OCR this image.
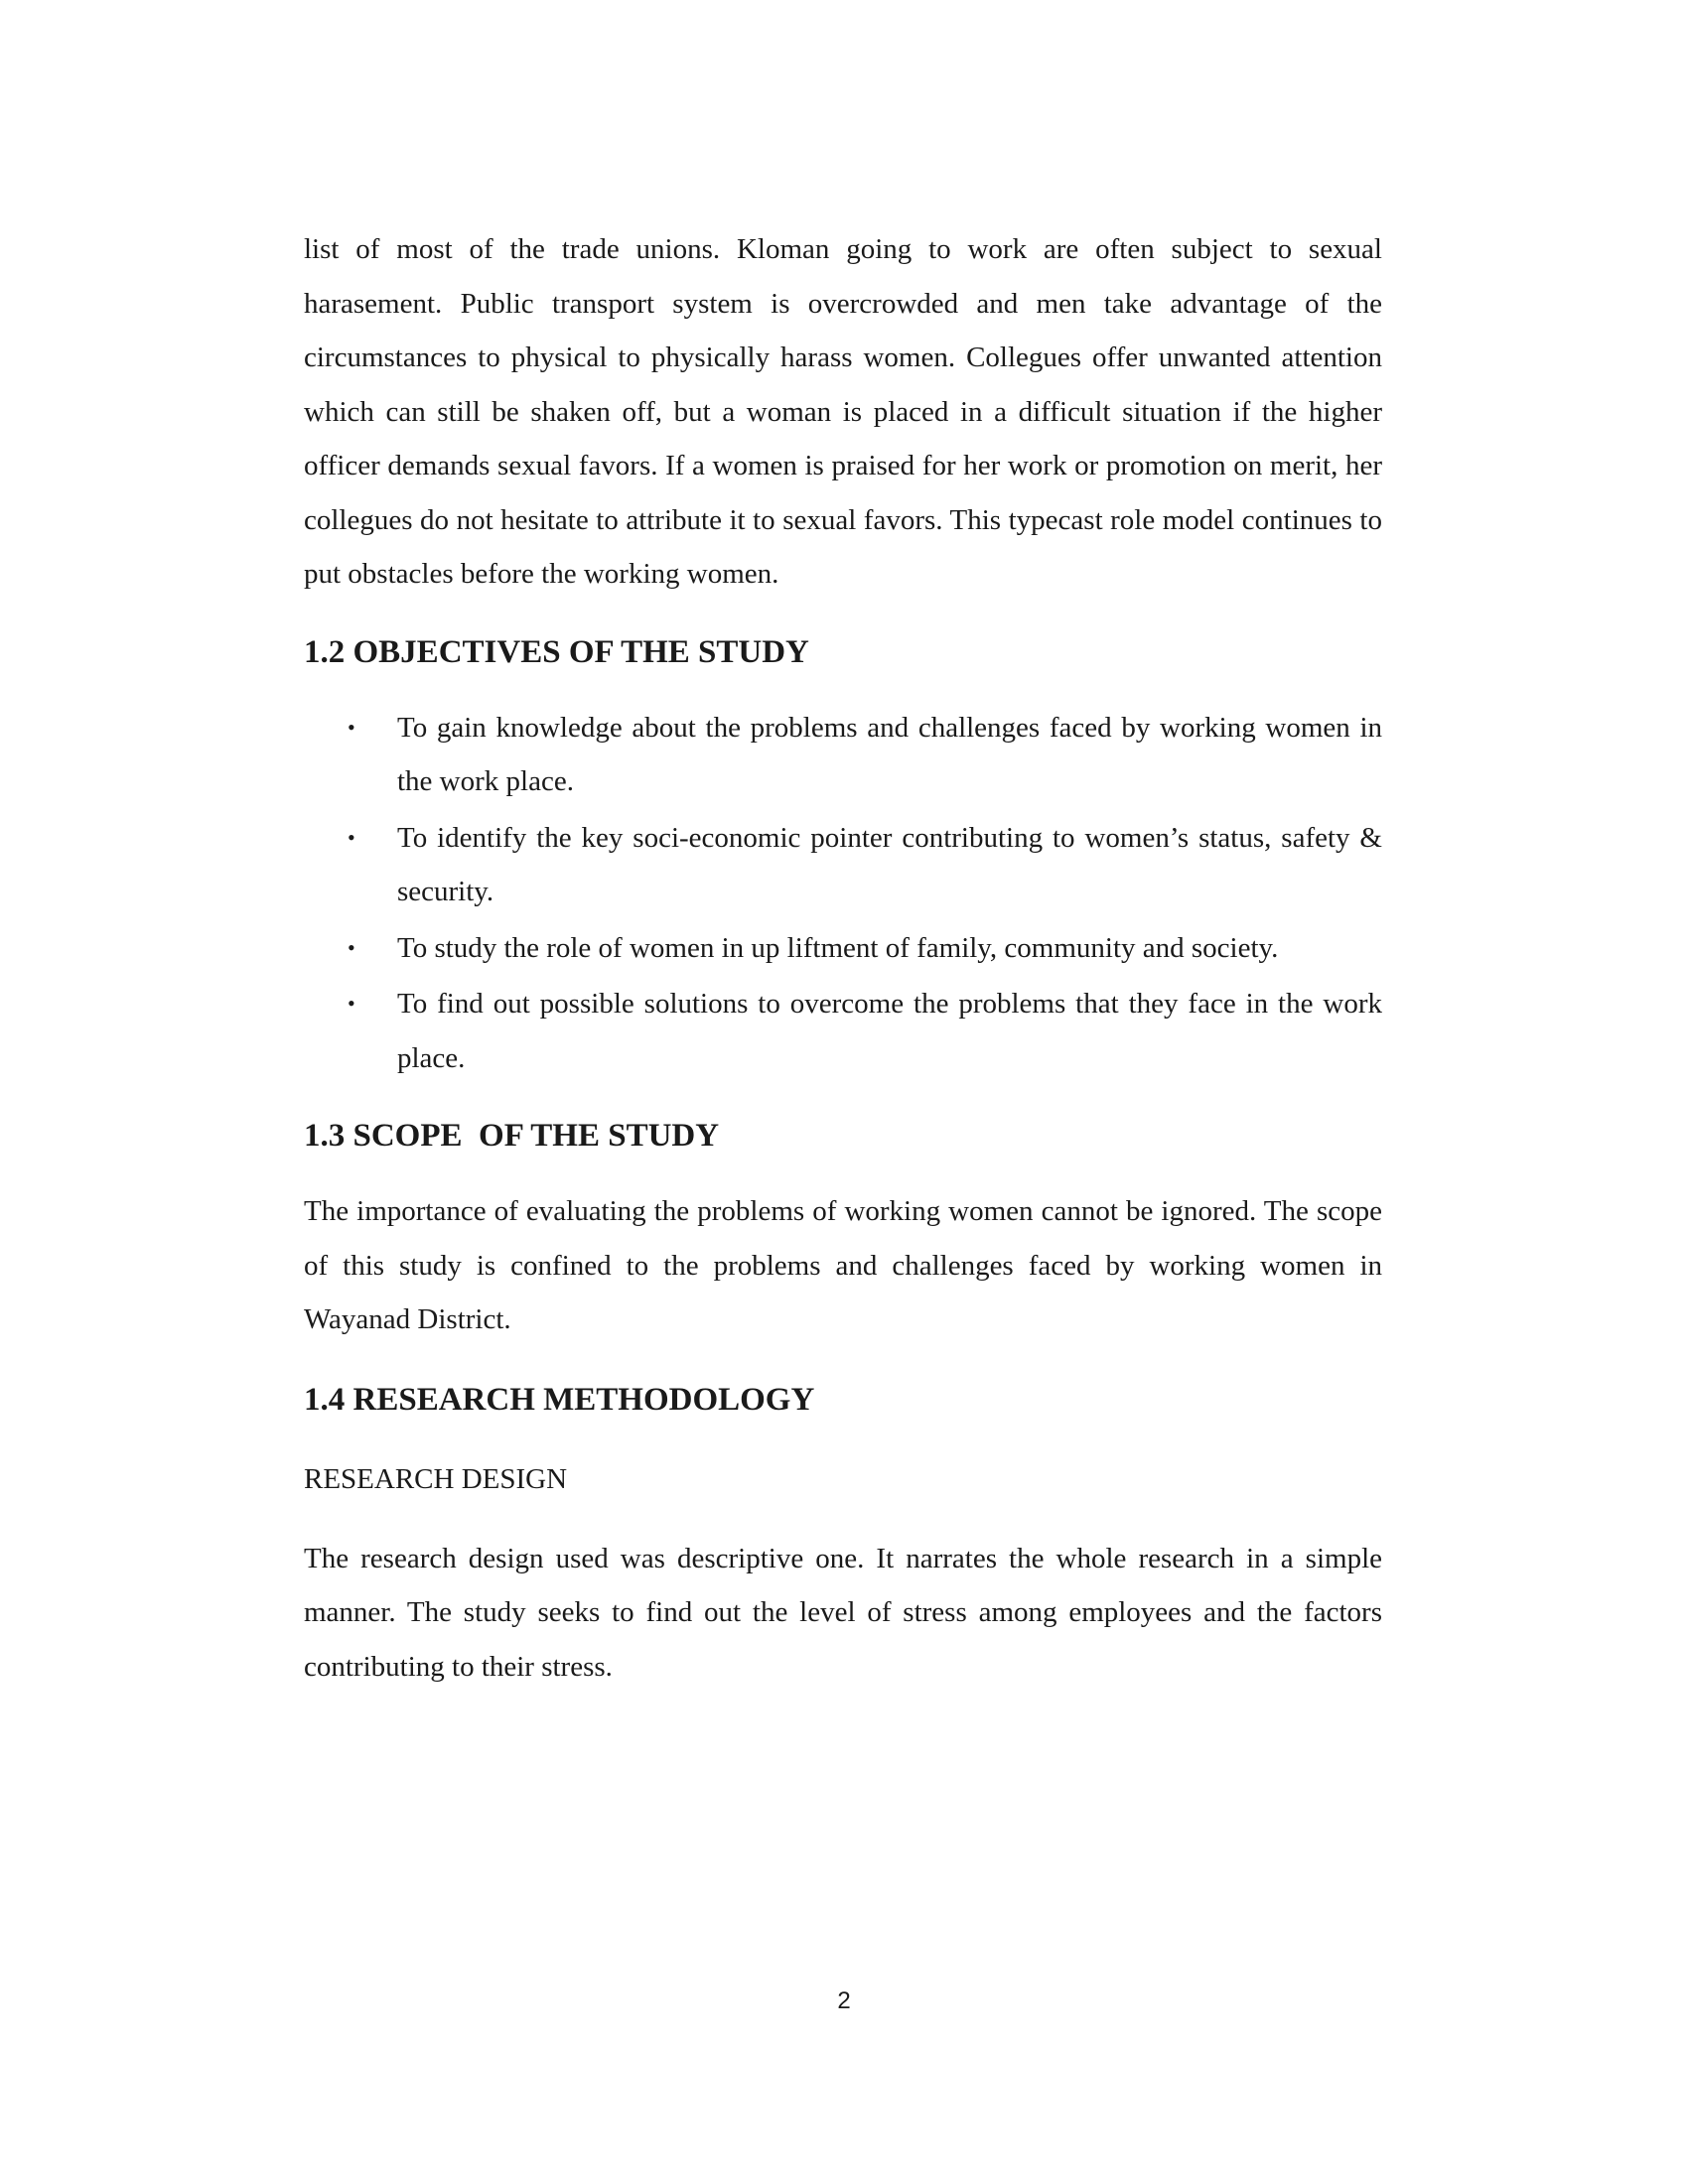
list of most of the trade unions. Kloman going to work are often subject to sexual harasement. Public transport system is overcrowded and men take advantage of the circumstances to physical to physically harass women. Collegues offer unwanted attention which can still be shaken off, but a woman is placed in a difficult situation if the higher officer demands sexual favors. If a women is praised for her work or promotion on merit, her collegues do not hesitate to attribute it to sexual favors. This typecast role model continues to put obstacles before the working women.

1.2 OBJECTIVES OF THE STUDY
• To gain knowledge about the problems and challenges faced by working women in the work place.
• To identify the key soci-economic pointer contributing to women’s status, safety & security.
• To study the role of women in up liftment of family, community and society.
• To find out possible solutions to overcome the problems that they face in the work place.
1.3 SCOPE  OF THE STUDY

The importance of evaluating the problems of working women cannot be ignored. The scope of this study is confined to the problems and challenges faced by working women in Wayanad District.

1.4 RESEARCH METHODOLOGY
RESEARCH DESIGN

The research design used was descriptive one. It narrates the whole research in a simple manner. The study seeks to find out the level of stress among employees and the factors contributing to their stress.

2
